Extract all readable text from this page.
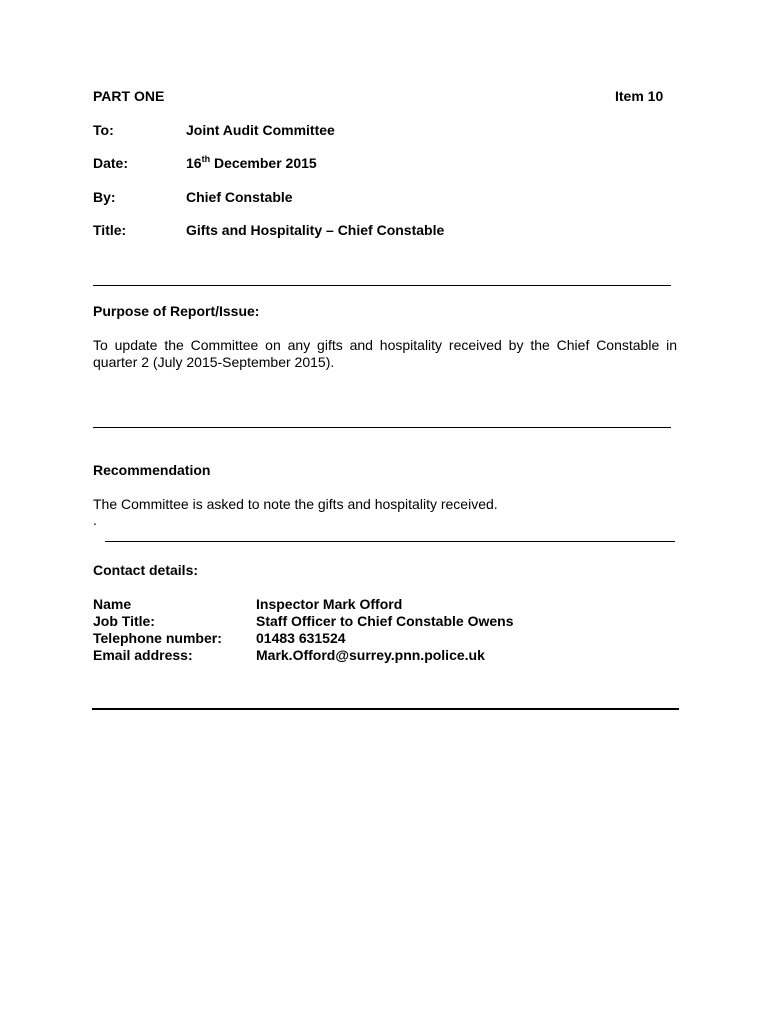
PART ONE	Item 10
To:	Joint Audit Committee
Date:	16th December 2015
By:	Chief Constable
Title:	Gifts and Hospitality – Chief Constable
Purpose of Report/Issue:
To update the Committee on any gifts and hospitality received by the Chief Constable in quarter 2 (July 2015-September 2015).
Recommendation
The Committee is asked to note the gifts and hospitality received.
.
Contact details:
Name	Inspector Mark Offord
Job Title:	Staff Officer to Chief Constable Owens
Telephone number: 01483 631524
Email address:	Mark.Offord@surrey.pnn.police.uk
